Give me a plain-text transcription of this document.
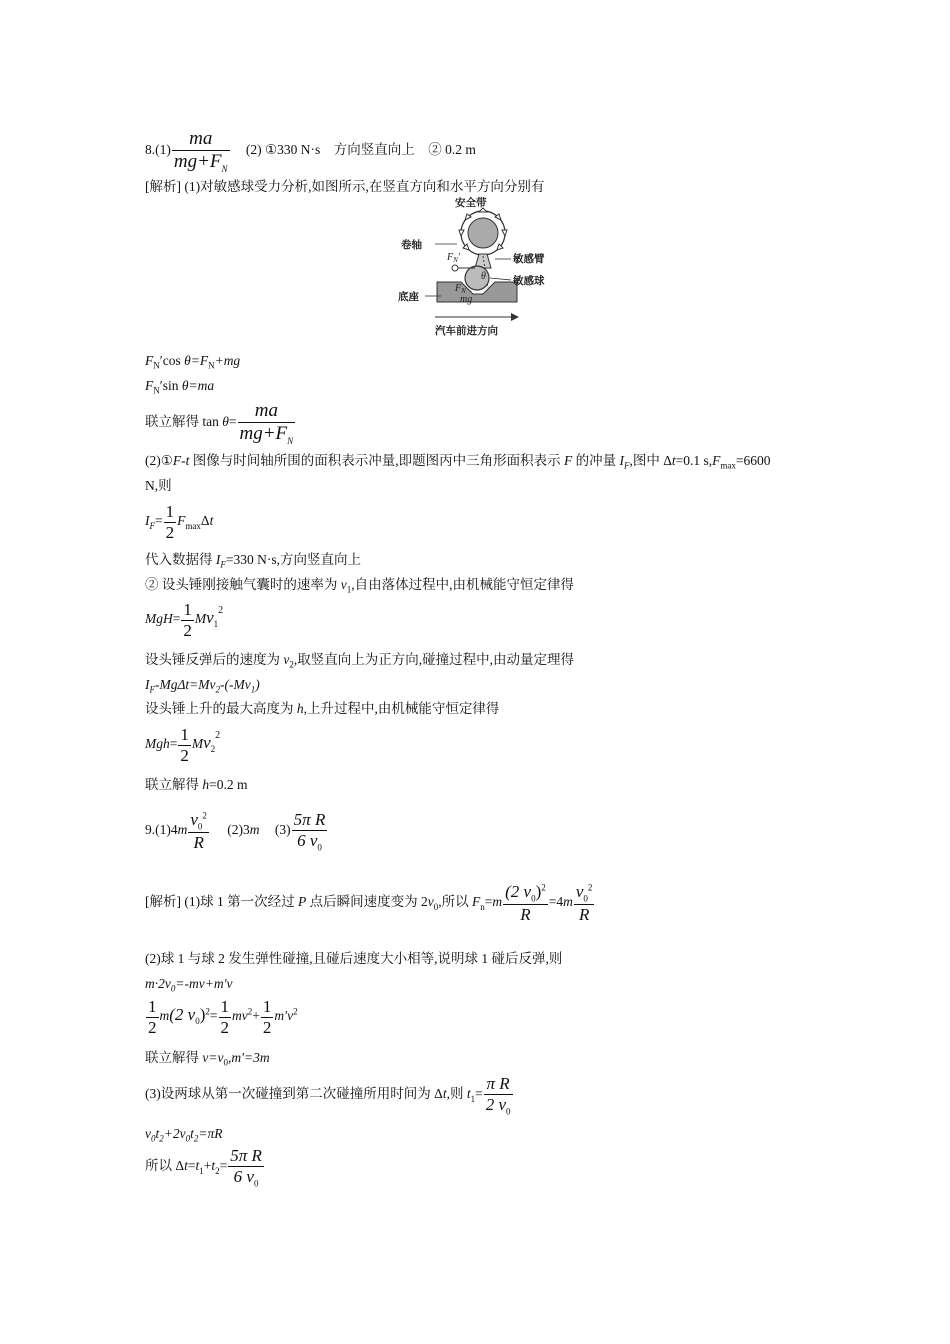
$8.(1) \frac{ma}{mg+F_N} (2)$ ①330 N·s　方向竖直向上　② 0.2 m
[解析] (1)对敏感球受力分析,如图所示,在竖直方向和水平方向分别有
安全带
卷轴
敏感臂
敏感球
底座
汽车前进方向
$F_N'$
$F_N$
mg
θ
$F_N'\cos$ $\theta=F_N+mg$
$F_N'\sin$ θ=ma
联立解得 $\tan \theta= \frac{ma}{mg+F_N}$
(2)①F-t 图像与时间轴所围的面积表示冲量,即题图丙中三角形面积表示 F 的冲量 $I_F$,图中 Δt=0.1 $s,F_{max}=6600$
N,则
$I_F= \frac{1}{2} F_{max}\Delta t$
代入数据得 $I_F=330$ N·s,方向竖直向上
② 设头锤刚接触气囊时的速率为 $v_1$,自由落体过程中,由机械能守恒定律得
$MgH= \frac{1}{2} Mv_1^2$
设头锤反弹后的速度为 $v_2$,取竖直向上为正方向,碰撞过程中,由动量定理得
$I_F-Mg\Delta t=Mv_2-(-Mv_1)$
设头锤上升的最大高度为 h,上升过程中,由机械能守恒定律得
$Mgh= \frac{1}{2} Mv_2^2$
联立解得 h=0.2 m
$9.(1)4m \frac{v_0^2}{R} (2)3m$ $(3) \frac{\text{5π R}}{6 v_0}$
[解析] (1)球 1 第一次经过 P 点后瞬间速度变为 $2v_0$,所以 $F_n=m \frac{(2 v_0)^2}{R} =4m \frac{v_0^2}{R}$
(2)球 1 与球 2 发生弹性碰撞,且碰后速度大小相等,说明球 1 碰后反弹,则
$m\cdot 2v_0=-mv+m'v$
$\frac{1}{2} m(2$ $v_0)^2= \frac{1}{2} mv^2+ \frac{1}{2} m'v^2$
联立解得 $v=v_0,m'=3m$
(3)设两球从第一次碰撞到第二次碰撞所用时间为 Δt,则 $t_1= \frac{\text{π R}}{2 v_0}$
$v_0t_2+2v_0t_2=\pi R$
所以 $\Delta t=t_1+t_2= \frac{\text{5π R}}{6 v_0}$
